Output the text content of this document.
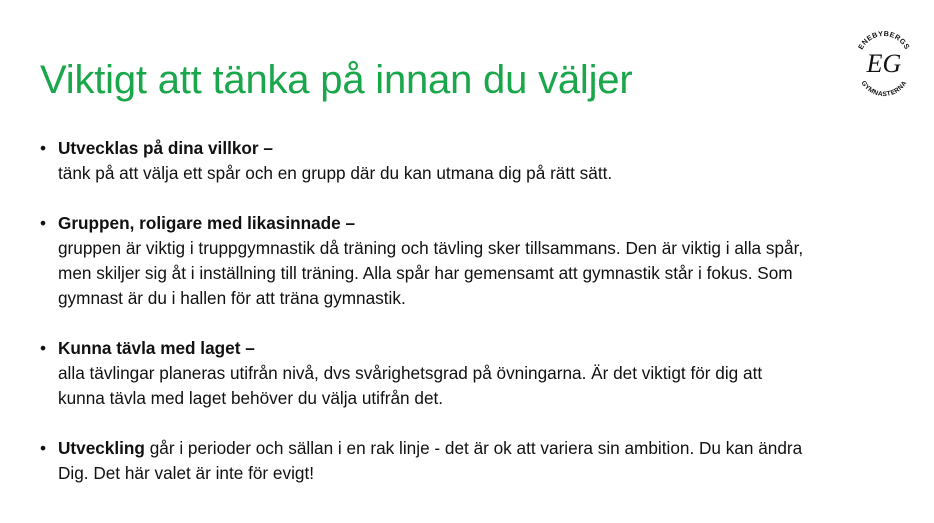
Viktigt att tänka på innan du väljer
ENEBYBERGS
GYMNASTERNA
EG
• Utvecklas på dina villkor –
tänk på att välja ett spår och en grupp där du kan utmana dig på rätt sätt.
• Gruppen, roligare med likasinnade –
gruppen är viktig i truppgymnastik då träning och tävling sker tillsammans. Den är viktig i alla spår,
men skiljer sig åt i inställning till träning. Alla spår har gemensamt att gymnastik står i fokus. Som
gymnast är du i hallen för att träna gymnastik.
• Kunna tävla med laget –
alla tävlingar planeras utifrån nivå, dvs svårighetsgrad på övningarna. Är det viktigt för dig att
kunna tävla med laget behöver du välja utifrån det.
• Utveckling går i perioder och sällan i en rak linje - det är ok att variera sin ambition. Du kan ändra
Dig. Det här valet är inte för evigt!
